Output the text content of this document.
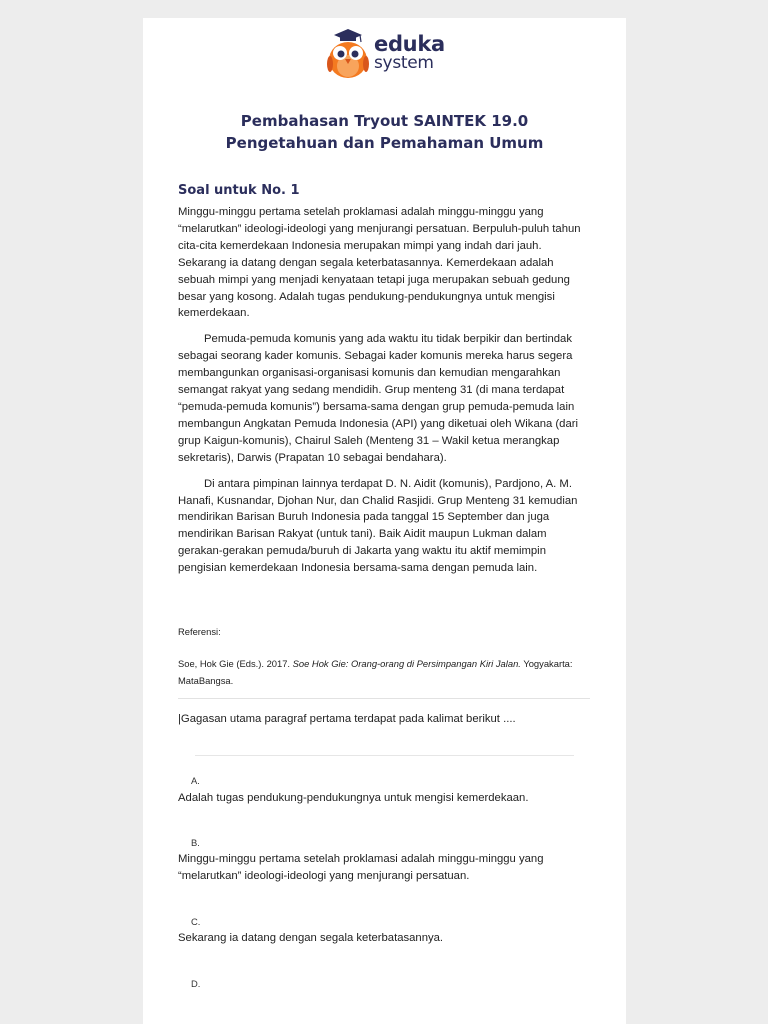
eduka
system
Pembahasan Tryout SAINTEK 19.0
Pengetahuan dan Pemahaman Umum
Soal untuk No. 1

Minggu-minggu pertama setelah proklamasi adalah minggu-minggu yang “melarutkan” ideologi-ideologi yang menjurangi persatuan. Berpuluh-puluh tahun cita-cita kemerdekaan Indonesia merupakan mimpi yang indah dari jauh. Sekarang ia datang dengan segala keterbatasannya. Kemerdekaan adalah sebuah mimpi yang menjadi kenyataan tetapi juga merupakan sebuah gedung besar yang kosong. Adalah tugas pendukung-pendukungnya untuk mengisi kemerdekaan.

Pemuda-pemuda komunis yang ada waktu itu tidak berpikir dan bertindak sebagai seorang kader komunis. Sebagai kader komunis mereka harus segera membangunkan organisasi-organisasi komunis dan kemudian mengarahkan semangat rakyat yang sedang mendidih. Grup menteng 31 (di mana terdapat “pemuda-pemuda komunis”) bersama-sama dengan grup pemuda-pemuda lain membangun Angkatan Pemuda Indonesia (API) yang diketuai oleh Wikana (dari grup Kaigun-komunis), Chairul Saleh (Menteng 31 – Wakil ketua merangkap sekretaris), Darwis (Prapatan 10 sebagai bendahara).

Di antara pimpinan lainnya terdapat D. N. Aidit (komunis), Pardjono, A. M. Hanafi, Kusnandar, Djohan Nur, dan Chalid Rasjidi. Grup Menteng 31 kemudian mendirikan Barisan Buruh Indonesia pada tanggal 15 September dan juga mendirikan Barisan Rakyat (untuk tani). Baik Aidit maupun Lukman dalam gerakan-gerakan pemuda/buruh di Jakarta yang waktu itu aktif memimpin pengisian kemerdekaan Indonesia bersama-sama dengan pemuda lain.

Referensi:
Soe, Hok Gie (Eds.). 2017. Soe Hok Gie: Orang-orang di Persimpangan Kiri Jalan. Yogyakarta: MataBangsa.
|Gagasan utama paragraf pertama terdapat pada kalimat berikut ....
A.
Adalah tugas pendukung-pendukungnya untuk mengisi kemerdekaan.
B.
Minggu-minggu pertama setelah proklamasi adalah minggu-minggu yang “melarutkan” ideologi-ideologi yang menjurangi persatuan.
C.
Sekarang ia datang dengan segala keterbatasannya.
D.
